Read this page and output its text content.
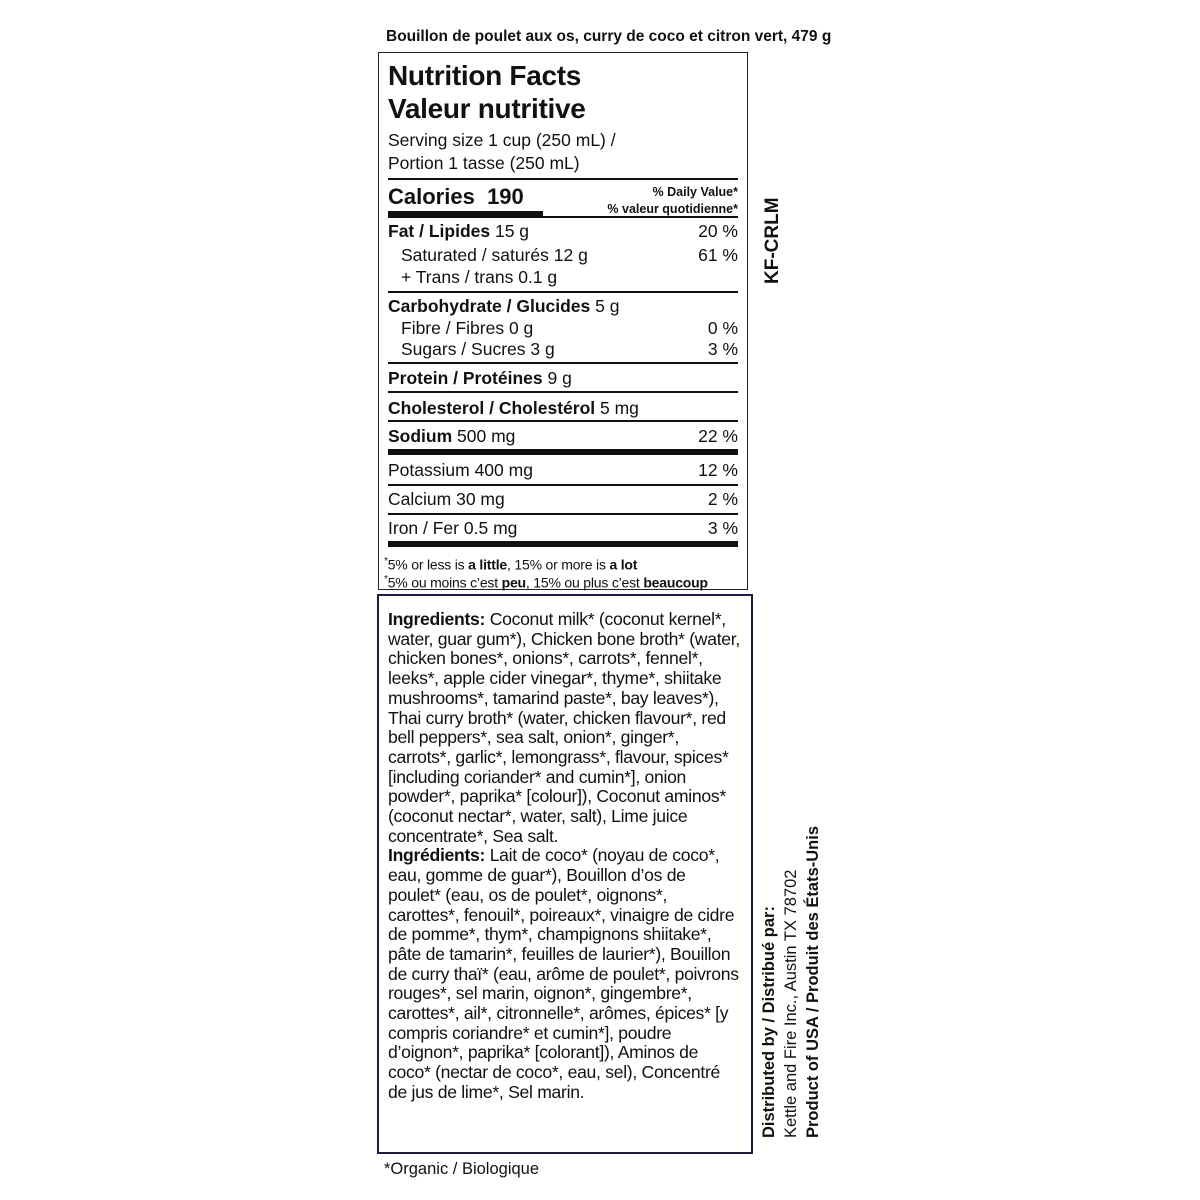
Bouillon de poulet aux os, curry de coco et citron vert, 479 g
Nutrition Facts
Valeur nutritive
Serving size 1 cup (250 mL) /
Portion 1 tasse (250 mL)
Calories 190	% Daily Value*
% valeur quotidienne*
Fat / Lipides 15 g	20 %
Saturated / saturés 12 g	61 %
+ Trans / trans 0.1 g
Carbohydrate / Glucides 5 g
Fibre / Fibres 0 g	0 %
Sugars / Sucres 3 g	3 %
Protein / Protéines 9 g
Cholesterol / Cholestérol 5 mg
Sodium 500 mg	22 %
Potassium 400 mg	12 %
Calcium 30 mg	2 %
Iron / Fer 0.5 mg	3 %
*5% or less is a little, 15% or more is a lot
*5% ou moins c’est peu, 15% ou plus c’est beaucoup
Ingredients: Coconut milk* (coconut kernel*, water, guar gum*), Chicken bone broth* (water, chicken bones*, onions*, carrots*, fennel*, leeks*, apple cider vinegar*, thyme*, shiitake mushrooms*, tamarind paste*, bay leaves*), Thai curry broth* (water, chicken flavour*, red bell peppers*, sea salt, onion*, ginger*, carrots*, garlic*, lemongrass*, flavour, spices* [including coriander* and cumin*], onion powder*, paprika* [colour]), Coconut aminos* (coconut nectar*, water, salt), Lime juice concentrate*, Sea salt.
Ingrédients: Lait de coco* (noyau de coco*, eau, gomme de guar*), Bouillon d’os de poulet* (eau, os de poulet*, oignons*, carottes*, fenouil*, poireaux*, vinaigre de cidre de pomme*, thym*, champignons shiitake*, pâte de tamarin*, feuilles de laurier*), Bouillon de curry thaï* (eau, arôme de poulet*, poivrons rouges*, sel marin, oignon*, gingembre*, carottes*, ail*, citronnelle*, arômes, épices* [y compris coriandre* et cumin*], poudre d’oignon*, paprika* [colorant]), Aminos de coco* (nectar de coco*, eau, sel), Concentré de jus de lime*, Sel marin.
KF-CRLM
Distributed by / Distribué par: Kettle and Fire Inc., Austin TX 78702 Product of USA / Produit des États-Unis
*Organic / Biologique
